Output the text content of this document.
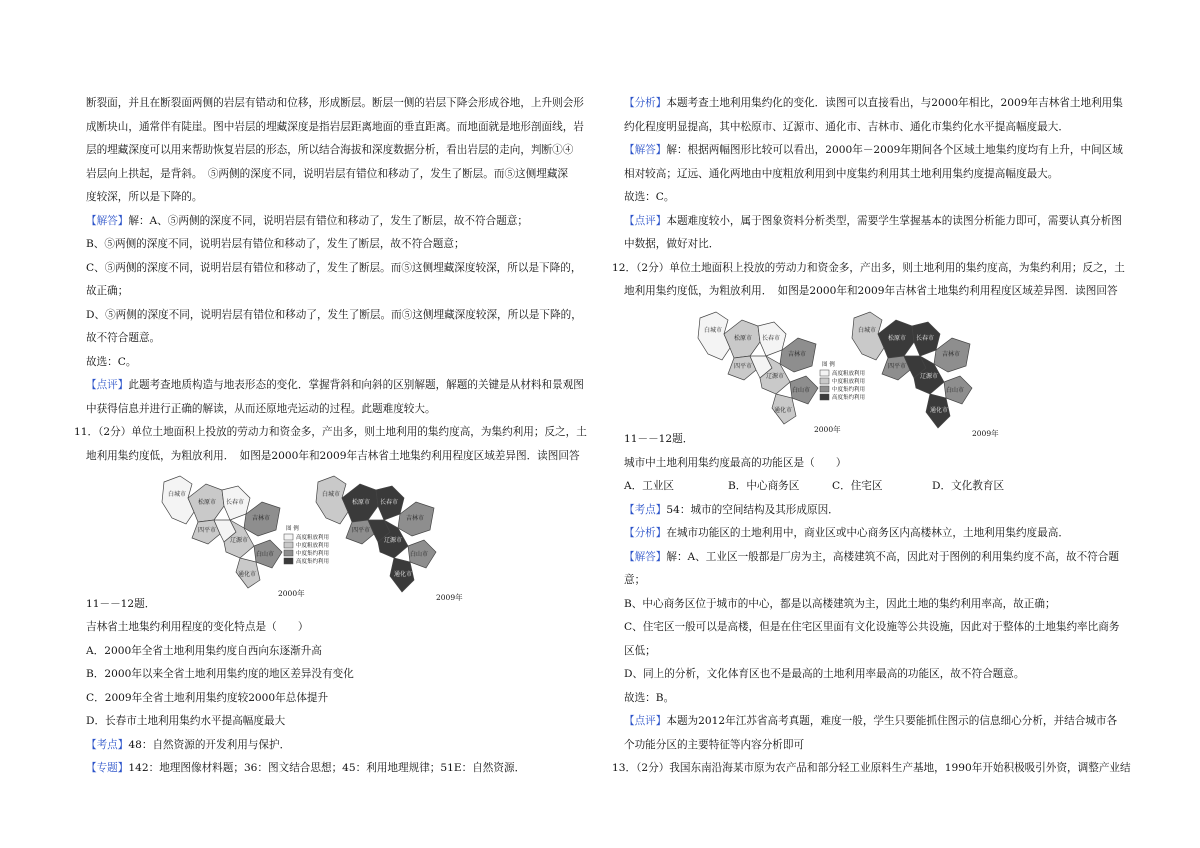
断裂面，并且在断裂面两侧的岩层有错动和位移，形成断层。断层一侧的岩层下降会形成谷地，上升则会形

成断块山，通常伴有陡崖。图中岩层的埋藏深度是指岩层距离地面的垂直距离。而地面就是地形剖面线，岩

层的埋藏深度可以用来帮助恢复岩层的形态，所以结合海拔和深度数据分析，看出岩层的走向，判断①④

岩层向上拱起，是背斜。　⑤两侧的深度不同，说明岩层有错位和移动了，发生了断层。而⑤这侧埋藏深

度较深，所以是下降的。

【解答】解：A、⑤两侧的深度不同，说明岩层有错位和移动了，发生了断层，故不符合题意；

B、⑤两侧的深度不同，说明岩层有错位和移动了，发生了断层，故不符合题意；

C、⑤两侧的深度不同，说明岩层有错位和移动了，发生了断层。而⑤这侧埋藏深度较深，所以是下降的，

故正确；

D、⑤两侧的深度不同，说明岩层有错位和移动了，发生了断层。而⑤这侧埋藏深度较深，所以是下降的，

故不符合题意。

故选：C。

【点评】此题考查地质构造与地表形态的变化．掌握背斜和向斜的区别解题，解题的关键是从材料和景观图

中获得信息并进行正确的解读，从而还原地壳运动的过程。此题难度较大。

11．（2分）单位土地面积上投放的劳动力和资金多，产出多，则土地利用的集约度高，为集约利用；反之，土

地利用集约度低，为粗放利用．　如图是2000年和2009年吉林省土地集约利用程度区域差异图．读图回答

白城市
松原市 长春市
四平市
吉林市
辽源市
白山市
通化市
2000年
图 例
高度粗放利用
中度粗放利用
中度集约利用
高度集约利用
白城市
松原市 长春市
四平市
吉林市
辽源市
白山市
通化市
2009年
11－－12题．

吉林省土地集约利用程度的变化特点是（　　）

A．2000年全省土地利用集约度自西向东逐渐升高

B．2000年以来全省土地利用集约度的地区差异没有变化

C．2009年全省土地利用集约度较2000年总体提升

D．长春市土地利用集约水平提高幅度最大

【考点】48：自然资源的开发利用与保护．

【专题】142：地理图像材料题；36：图文结合思想；45：利用地理规律；51E：自然资源．

【分析】本题考查土地利用集约化的变化．读图可以直接看出，与2000年相比，2009年吉林省土地利用集

约化程度明显提高，其中松原市、辽源市、通化市、吉林市、通化市集约化水平提高幅度最大．

【解答】解：根据两幅图形比较可以看出，2000年－2009年期间各个区域土地集约度均有上升，中间区域

相对较高；辽远、通化两地由中度粗放利用到中度集约利用其土地利用集约度提高幅度最大。

故选：C。

【点评】本题难度较小，属于图象资料分析类型，需要学生掌握基本的读图分析能力即可，需要认真分析图

中数据，做好对比．

12．（2分）单位土地面积上投放的劳动力和资金多，产出多，则土地利用的集约度高，为集约利用；反之，土

地利用集约度低，为粗放利用．　如图是2000年和2009年吉林省土地集约利用程度区域差异图．读图回答

白城市
松原市 长春市
四平市
吉林市
辽源市
白山市
通化市
2000年
图 例
高度粗放利用
中度粗放利用
中度集约利用
高度集约利用
白城市
松原市 长春市
四平市
吉林市
辽源市
白山市
通化市
2009年
11－－12题．

城市中土地利用集约度最高的功能区是（　　）

A．工业区	B．中心商务区	C．住宅区	D．文化教育区

【考点】54：城市的空间结构及其形成原因．

【分析】在城市功能区的土地利用中，商业区或中心商务区内高楼林立，土地利用集约度最高．

【解答】解：A、工业区一般都是厂房为主，高楼建筑不高，因此对于图例的利用集约度不高，故不符合题

意；

B、中心商务区位于城市的中心，都是以高楼建筑为主，因此土地的集约利用率高，故正确；

C、住宅区一般可以是高楼，但是在住宅区里面有文化设施等公共设施，因此对于整体的土地集约率比商务

区低；

D、同上的分析，文化体育区也不是最高的土地利用率最高的功能区，故不符合题意。

故选：B。

【点评】本题为2012年江苏省高考真题，难度一般，学生只要能抓住图示的信息细心分析，并结合城市各

个功能分区的主要特征等内容分析即可

13．（2分）我国东南沿海某市原为农产品和部分轻工业原料生产基地，1990年开始积极吸引外资，调整产业结
